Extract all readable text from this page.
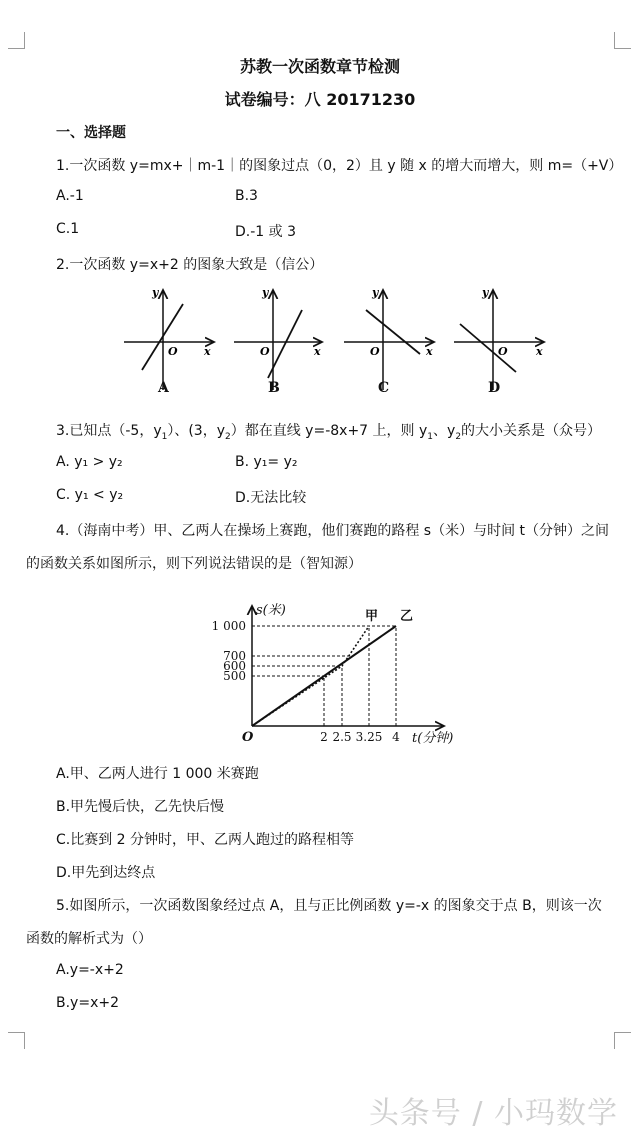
苏教一次函数章节检测
试卷编号：八 20171230
一、选择题
1.一次函数 y=mx+｜m-1｜的图象过点（0，2）且 y 随 x 的增大而增大，则 m=（+V）
A.-1	B.3
C.1	D.-1 或 3
2.一次函数 y=x+2 的图象大致是（信公）
y
O x
y
O	x
y
O	x
y
O	x
A	B	C	D
3.已知点（-5，$y_1$）、(3，$y_2$）都在直线 y=-8x+7 上，则 $y_1$、$y_2$的大小关系是（众号）
A. y₁ > y₂	B. y₁= y₂
C. y₁ < y₂	D.无法比较
4.（海南中考）甲、乙两人在操场上赛跑，他们赛跑的路程 s（米）与时间 t（分钟）之间
的函数关系如图所示，则下列说法错误的是（智知源）
500
600
700
1 000
2 2.5 3.25 4
甲 乙
s(米)
t(分钟)
O
A.甲、乙两人进行 1 000 米赛跑
B.甲先慢后快，乙先快后慢
C.比赛到 2 分钟时，甲、乙两人跑过的路程相等
D.甲先到达终点
5.如图所示，一次函数图象经过点 A，且与正比例函数 y=-x 的图象交于点 B，则该一次
函数的解析式为（）
A.y=-x+2
B.y=x+2
头条号 / 小玛数学
